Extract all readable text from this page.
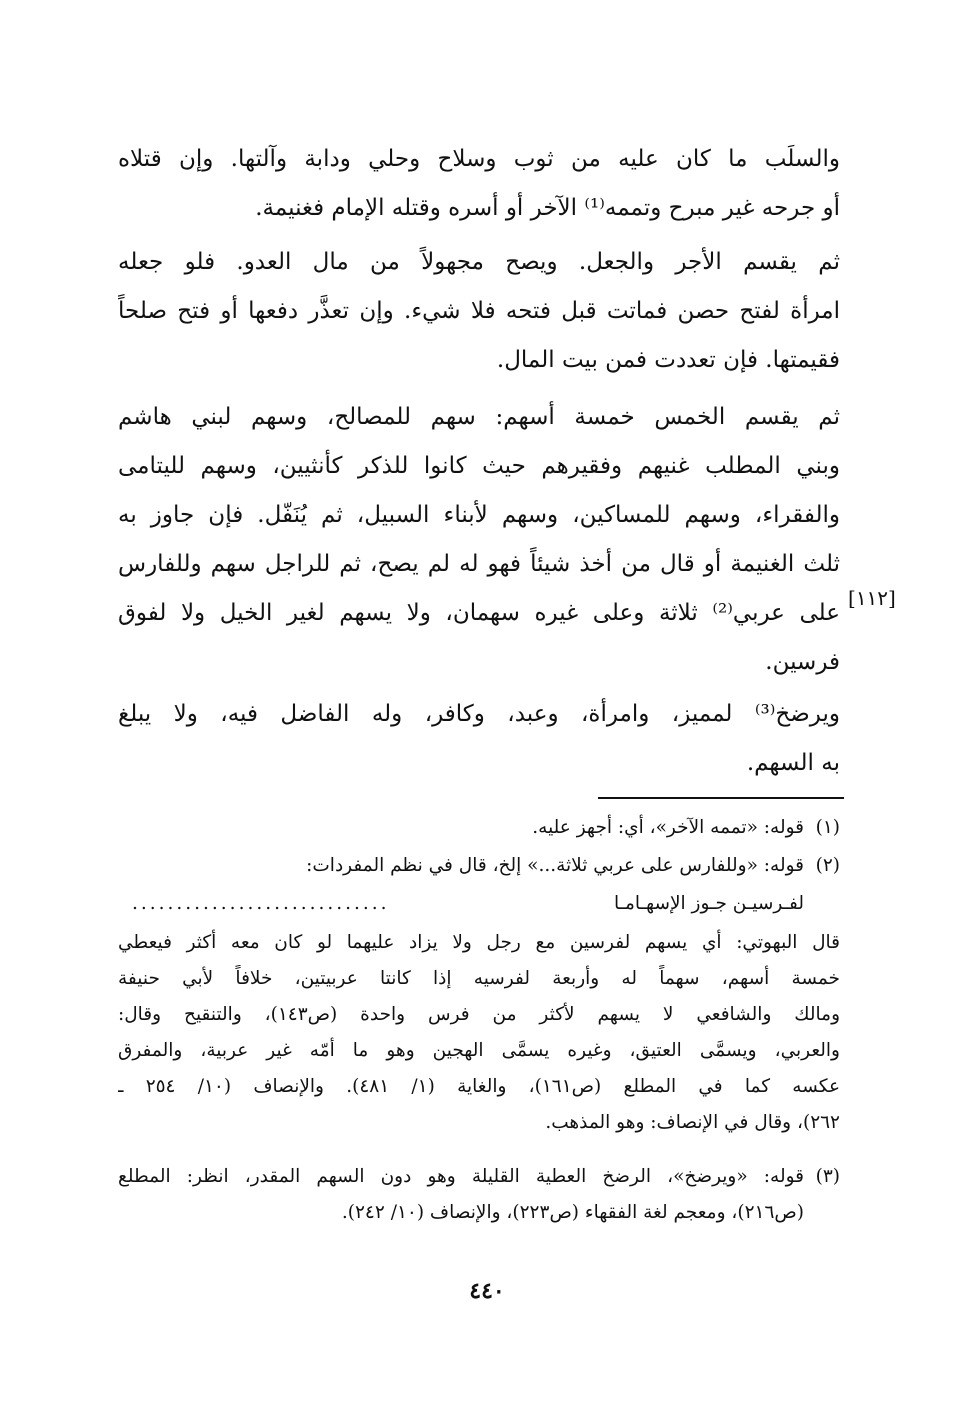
والسلَب ما كان عليه من ثوب وسلاح وحلي ودابة وآلتها. وإن قتلاه
أو جرحه غير مبرح وتممه⁽¹⁾ الآخر أو أسره وقتله الإمام فغنيمة.
ثم يقسم الأجر والجعل. ويصح مجهولاً من مال العدو. فلو جعله
امرأة لفتح حصن فماتت قبل فتحه فلا شيء. وإن تعذَّر دفعها أو فتح صلحاً
فقيمتها. فإن تعددت فمن بيت المال.
ثم يقسم الخمس خمسة أسهم: سهم للمصالح، وسهم لبني هاشم
وبني المطلب غنيهم وفقيرهم حيث كانوا للذكر كأنثيين، وسهم لليتامى
والفقراء، وسهم للمساكين، وسهم لأبناء السبيل، ثم يُنَفّل. فإن جاوز به
ثلث الغنيمة أو قال من أخذ شيئاً فهو له لم يصح، ثم للراجل سهم وللفارس
على عربي⁽²⁾ ثلاثة وعلى غيره سهمان، ولا يسهم لغير الخيل ولا لفوق
فرسين.
ويرضخ⁽³⁾ لمميز، وامرأة، وعبد، وكافر، وله الفاضل فيه، ولا يبلغ
به السهم.
[١١٢]
(١)قوله: «تممه الآخر»، أي: أجهز عليه.
(٢)قوله: «وللفارس على عربي ثلاثة...» إلخ، قال في نظم المفردات:
لفـرسيـن جـوز الإسهـامـا
.............................
قال البهوتي: أي يسهم لفرسين مع رجل ولا يزاد عليهما لو كان معه أكثر فيعطي
خمسة أسهم، سهماً له وأربعة لفرسيه إذا كانتا عربيتين، خلافاً لأبي حنيفة
ومالك والشافعي لا يسهم لأكثر من فرس واحدة (ص١٤٣)، والتنقيح وقال:
والعربي، ويسمَّى العتيق، وغيره يسمَّى الهجين وهو ما أُمّه غير عربية، والمفرق
عكسه كما في المطلع (ص١٦١)، والغاية (١/ ٤٨١). والإنصاف (١٠/ ٢٥٤ ـ
٢٦٢)، وقال في الإنصاف: وهو المذهب.
(٣)قوله: «ويرضخ»، الرضخ العطية القليلة وهو دون السهم المقدر، انظر: المطلع
(ص٢١٦)، ومعجم لغة الفقهاء (ص٢٢٣)، والإنصاف (١٠/ ٢٤٢).
٤٤٠
